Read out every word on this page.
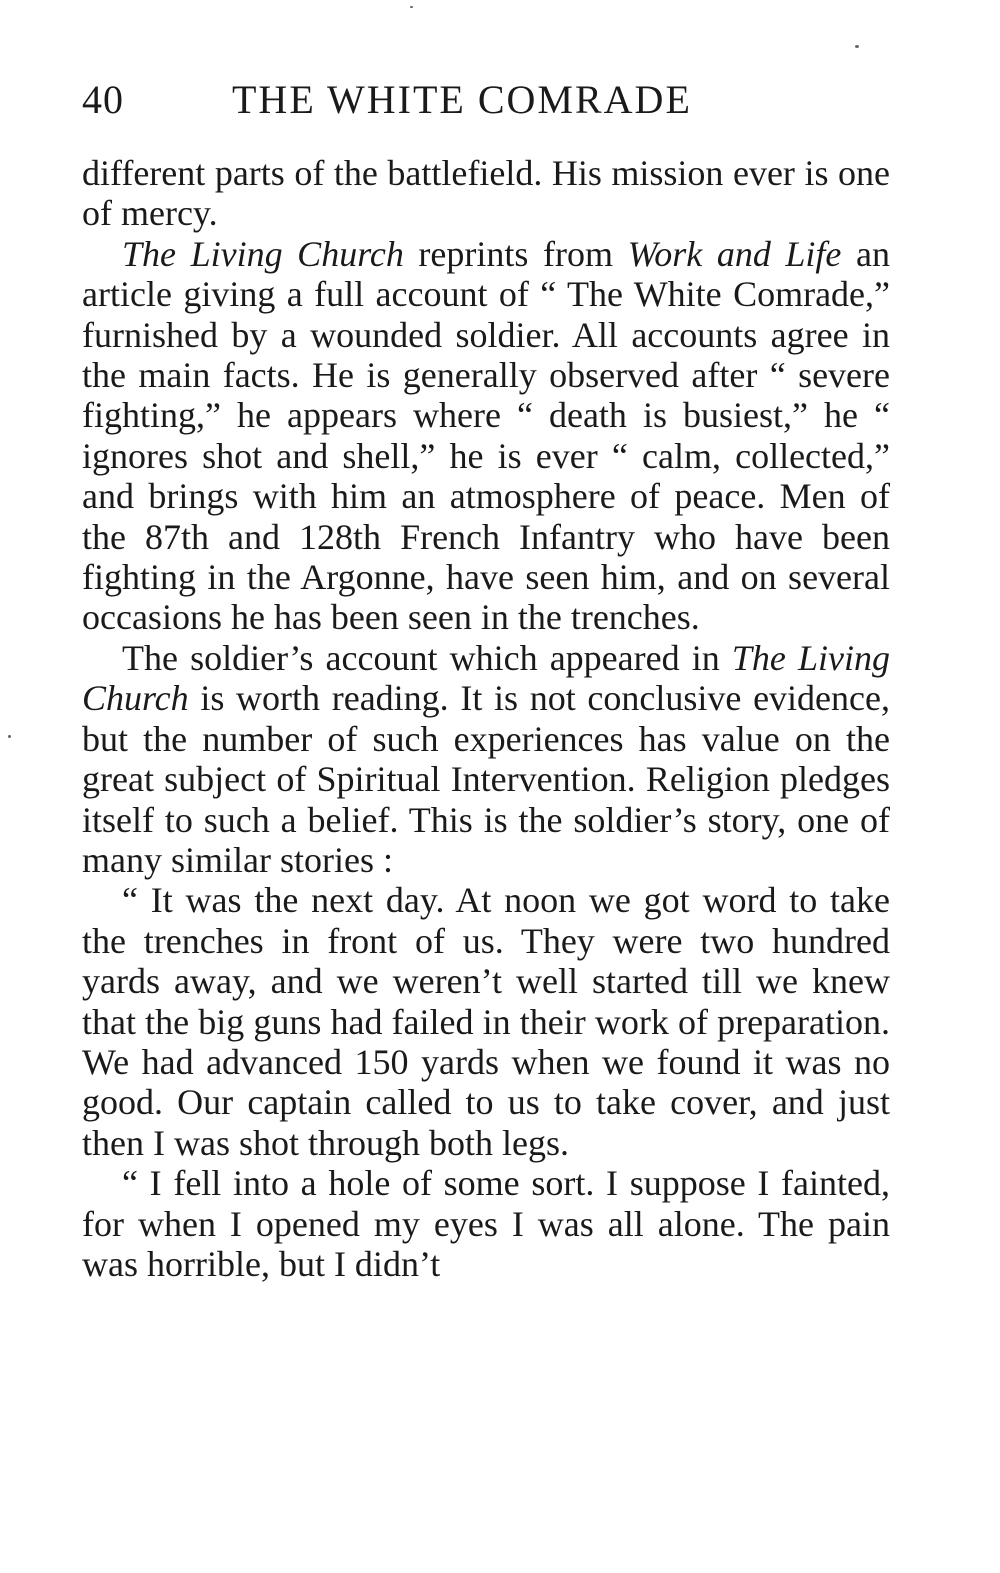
40	THE WHITE COMRADE

different parts of the battlefield. His mission ever is one of mercy.

The Living Church reprints from Work and Life an article giving a full account of “ The White Comrade,” furnished by a wounded soldier. All accounts agree in the main facts. He is generally observed after “ severe fighting,” he appears where “ death is busiest,” he “ ignores shot and shell,” he is ever “ calm, collected,” and brings with him an atmosphere of peace. Men of the 87th and 128th French Infantry who have been fighting in the Argonne, have seen him, and on several occasions he has been seen in the trenches.

The soldier’s account which appeared in The Living Church is worth reading. It is not conclusive evidence, but the number of such experiences has value on the great subject of Spiritual Intervention. Religion pledges itself to such a belief. This is the soldier’s story, one of many similar stories :

“ It was the next day. At noon we got word to take the trenches in front of us. They were two hundred yards away, and we weren’t well started till we knew that the big guns had failed in their work of preparation. We had advanced 150 yards when we found it was no good. Our captain called to us to take cover, and just then I was shot through both legs.

“ I fell into a hole of some sort. I suppose I fainted, for when I opened my eyes I was all alone. The pain was horrible, but I didn’t
